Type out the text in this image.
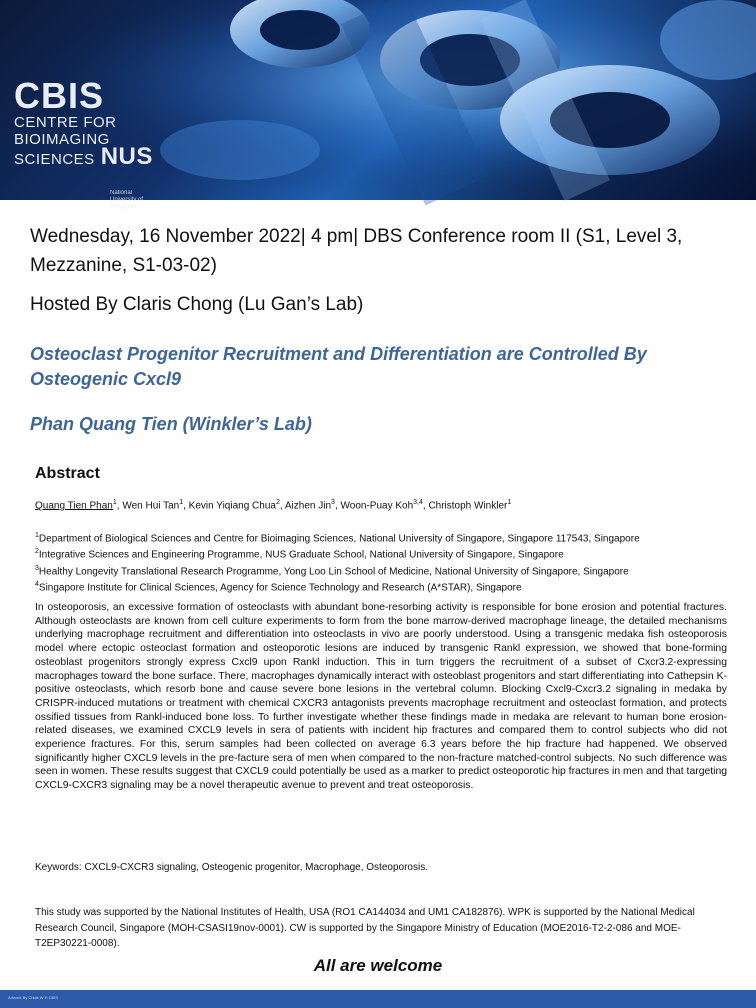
CBIS
CENTRE FOR
BIOIMAGING
SCIENCES NUS
National University of Singapore
Wednesday, 16 November 2022| 4 pm| DBS Conference room II (S1, Level 3, Mezzanine, S1-03-02)
Hosted By Claris Chong (Lu Gan’s Lab)
Osteoclast Progenitor Recruitment and Differentiation are Controlled By Osteogenic Cxcl9
Phan Quang Tien (Winkler’s Lab)
Abstract
Quang Tien Phan$^1$, Wen Hui Tan$^1$, Kevin Yiqiang Chua$^2$, Aizhen Jin$^3$, Woon-Puay Koh$^{3,4}$, Christoph Winkler$^1$
$^1$Department of Biological Sciences and Centre for Bioimaging Sciences, National University of Singapore, Singapore 117543, Singapore
$^2$Integrative Sciences and Engineering Programme, NUS Graduate School, National University of Singapore, Singapore
$^3$Healthy Longevity Translational Research Programme, Yong Loo Lin School of Medicine, National University of Singapore, Singapore
$^4$Singapore Institute for Clinical Sciences, Agency for Science Technology and Research (A*STAR), Singapore
In osteoporosis, an excessive formation of osteoclasts with abundant bone-resorbing activity is responsible for bone erosion and potential fractures. Although osteoclasts are known from cell culture experiments to form from the bone marrow-derived macrophage lineage, the detailed mechanisms underlying macrophage recruitment and differentiation into osteoclasts in vivo are poorly understood. Using a transgenic medaka fish osteoporosis model where ectopic osteoclast formation and osteoporotic lesions are induced by transgenic Rankl expression, we showed that bone-forming osteoblast progenitors strongly express Cxcl9 upon Rankl induction. This in turn triggers the recruitment of a subset of Cxcr3.2-expressing macrophages toward the bone surface. There, macrophages dynamically interact with osteoblast progenitors and start differentiating into Cathepsin K-positive osteoclasts, which resorb bone and cause severe bone lesions in the vertebral column. Blocking Cxcl9-Cxcr3.2 signaling in medaka by CRISPR-induced mutations or treatment with chemical CXCR3 antagonists prevents macrophage recruitment and osteoclast formation, and protects ossified tissues from Rankl-induced bone loss. To further investigate whether these findings made in medaka are relevant to human bone erosion-related diseases, we examined CXCL9 levels in sera of patients with incident hip fractures and compared them to control subjects who did not experience fractures. For this, serum samples had been collected on average 6.3 years before the hip fracture had happened. We observed significantly higher CXCL9 levels in the pre-facture sera of men when compared to the non-fracture matched-control subjects. No such difference was seen in women. These results suggest that CXCL9 could potentially be used as a marker to predict osteoporotic hip fractures in men and that targeting CXCL9-CXCR3 signaling may be a novel therapeutic avenue to prevent and treat osteoporosis.
Keywords: CXCL9-CXCR3 signaling, Osteogenic progenitor, Macrophage, Osteoporosis.
This study was supported by the National Institutes of Health, USA (RO1 CA144034 and UM1 CA182876). WPK is supported by the National Medical Research Council, Singapore (MOH-CSASI19nov-0001). CW is supported by the Singapore Ministry of Education (MOE2016-T2-2-086 and MOE-T2EP30221-0008).
All are welcome
Artwork By Chiak W H CBIS
